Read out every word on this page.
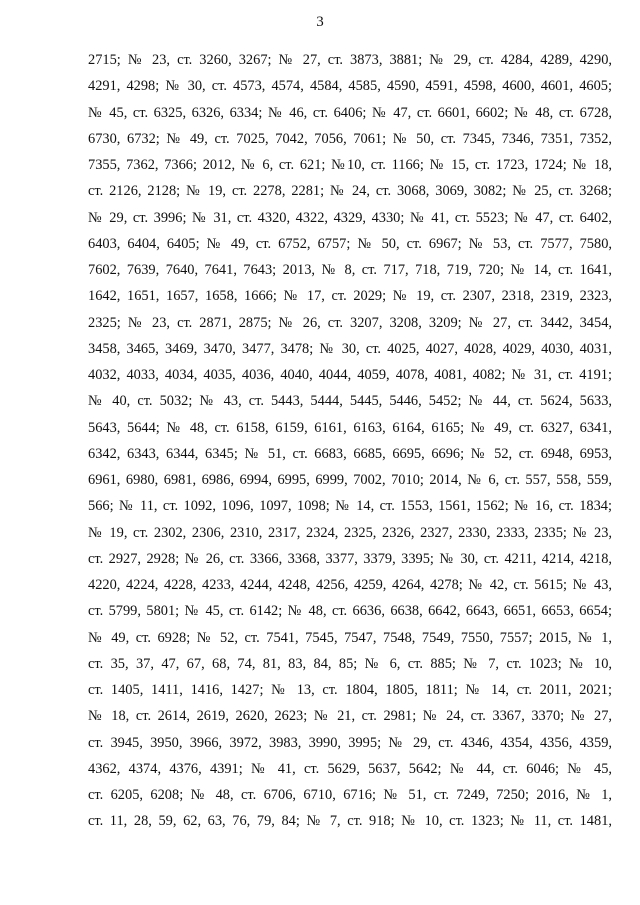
3
2715; № 23, ст. 3260, 3267; № 27, ст. 3873, 3881; № 29, ст. 4284, 4289, 4290,
4291, 4298; № 30, ст. 4573, 4574, 4584, 4585, 4590, 4591, 4598, 4600, 4601, 4605;
№ 45, ст. 6325, 6326, 6334; № 46, ст. 6406; № 47, ст. 6601, 6602; № 48, ст. 6728,
6730, 6732; № 49, ст. 7025, 7042, 7056, 7061; № 50, ст. 7345, 7346, 7351, 7352,
7355, 7362, 7366; 2012, № 6, ст. 621; №10, ст. 1166; № 15, ст. 1723, 1724; № 18,
ст. 2126, 2128; № 19, ст. 2278, 2281; № 24, ст. 3068, 3069, 3082; № 25, ст. 3268;
№ 29, ст. 3996; № 31, ст. 4320, 4322, 4329, 4330; № 41, ст. 5523; № 47, ст. 6402,
6403, 6404, 6405; № 49, ст. 6752, 6757; № 50, ст. 6967; № 53, ст. 7577, 7580,
7602, 7639, 7640, 7641, 7643; 2013, № 8, ст. 717, 718, 719, 720; № 14, ст. 1641,
1642, 1651, 1657, 1658, 1666; № 17, ст. 2029; № 19, ст. 2307, 2318, 2319, 2323,
2325; № 23, ст. 2871, 2875; № 26, ст. 3207, 3208, 3209; № 27, ст. 3442, 3454,
3458, 3465, 3469, 3470, 3477, 3478; № 30, ст. 4025, 4027, 4028, 4029, 4030, 4031,
4032, 4033, 4034, 4035, 4036, 4040, 4044, 4059, 4078, 4081, 4082; № 31, ст. 4191;
№ 40, ст. 5032; № 43, ст. 5443, 5444, 5445, 5446, 5452; № 44, ст. 5624, 5633,
5643, 5644; № 48, ст. 6158, 6159, 6161, 6163, 6164, 6165; № 49, ст. 6327, 6341,
6342, 6343, 6344, 6345; № 51, ст. 6683, 6685, 6695, 6696; № 52, ст. 6948, 6953,
6961, 6980, 6981, 6986, 6994, 6995, 6999, 7002, 7010; 2014, № 6, ст. 557, 558, 559,
566; № 11, ст. 1092, 1096, 1097, 1098; № 14, ст. 1553, 1561, 1562; № 16, ст. 1834;
№ 19, ст. 2302, 2306, 2310, 2317, 2324, 2325, 2326, 2327, 2330, 2333, 2335; № 23,
ст. 2927, 2928; № 26, ст. 3366, 3368, 3377, 3379, 3395; № 30, ст. 4211, 4214, 4218,
4220, 4224, 4228, 4233, 4244, 4248, 4256, 4259, 4264, 4278; № 42, ст. 5615; № 43,
ст. 5799, 5801; № 45, ст. 6142; № 48, ст. 6636, 6638, 6642, 6643, 6651, 6653, 6654;
№ 49, ст. 6928; № 52, ст. 7541, 7545, 7547, 7548, 7549, 7550, 7557; 2015, № 1,
ст. 35, 37, 47, 67, 68, 74, 81, 83, 84, 85; № 6, ст. 885; № 7, ст. 1023; № 10,
ст. 1405, 1411, 1416, 1427; № 13, ст. 1804, 1805, 1811; № 14, ст. 2011, 2021;
№ 18, ст. 2614, 2619, 2620, 2623; № 21, ст. 2981; № 24, ст. 3367, 3370; № 27,
ст. 3945, 3950, 3966, 3972, 3983, 3990, 3995; № 29, ст. 4346, 4354, 4356, 4359,
4362, 4374, 4376, 4391; № 41, ст. 5629, 5637, 5642; № 44, ст. 6046; № 45,
ст. 6205, 6208; № 48, ст. 6706, 6710, 6716; № 51, ст. 7249, 7250; 2016, № 1,
ст. 11, 28, 59, 62, 63, 76, 79, 84; № 7, ст. 918; № 10, ст. 1323; № 11, ст. 1481,
